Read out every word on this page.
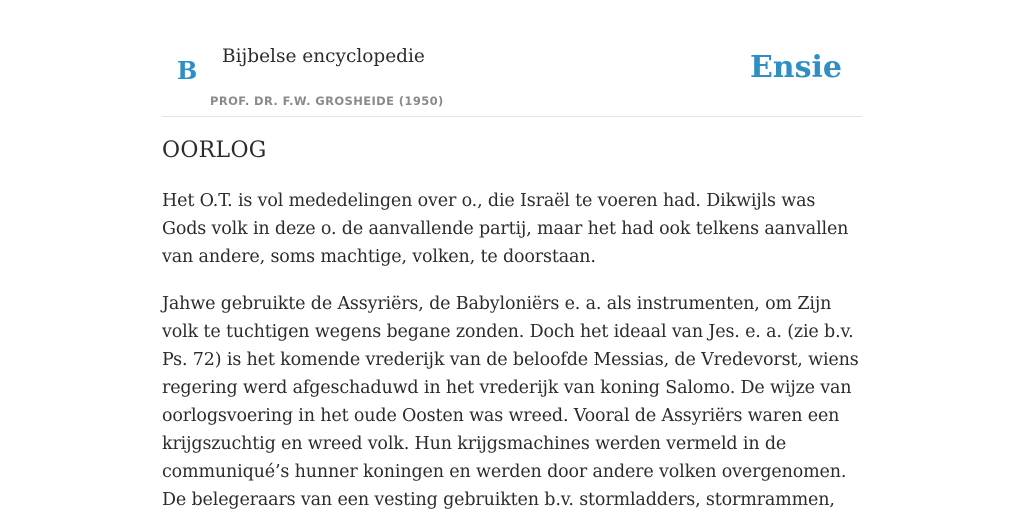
B Bijbelse encyclopedie
PROF. DR. F.W. GROSHEIDE (1950)
Ensie
OORLOG

Het O.T. is vol mededelingen over o., die Israël te voeren had. Dikwijls was Gods volk in deze o. de aanvallende partij, maar het had ook telkens aanvallen van andere, soms machtige, volken, te doorstaan.

Jahwe gebruikte de Assyriërs, de Babyloniërs e. a. als instrumenten, om Zijn volk te tuchtigen wegens begane zonden. Doch het ideaal van Jes. e. a. (zie b.v. Ps. 72) is het komende vrederijk van de beloofde Messias, de Vredevorst, wiens regering werd afgeschaduwd in het vrederijk van koning Salomo. De wijze van oorlogsvoering in het oude Oosten was wreed. Vooral de Assyriërs waren een krijgszuchtig en wreed volk. Hun krijgsmachines werden vermeld in de communiqué’s hunner koningen en werden door andere volken overgenomen. De belegeraars van een vesting gebruikten b.v. stormladders, stormrammen,
